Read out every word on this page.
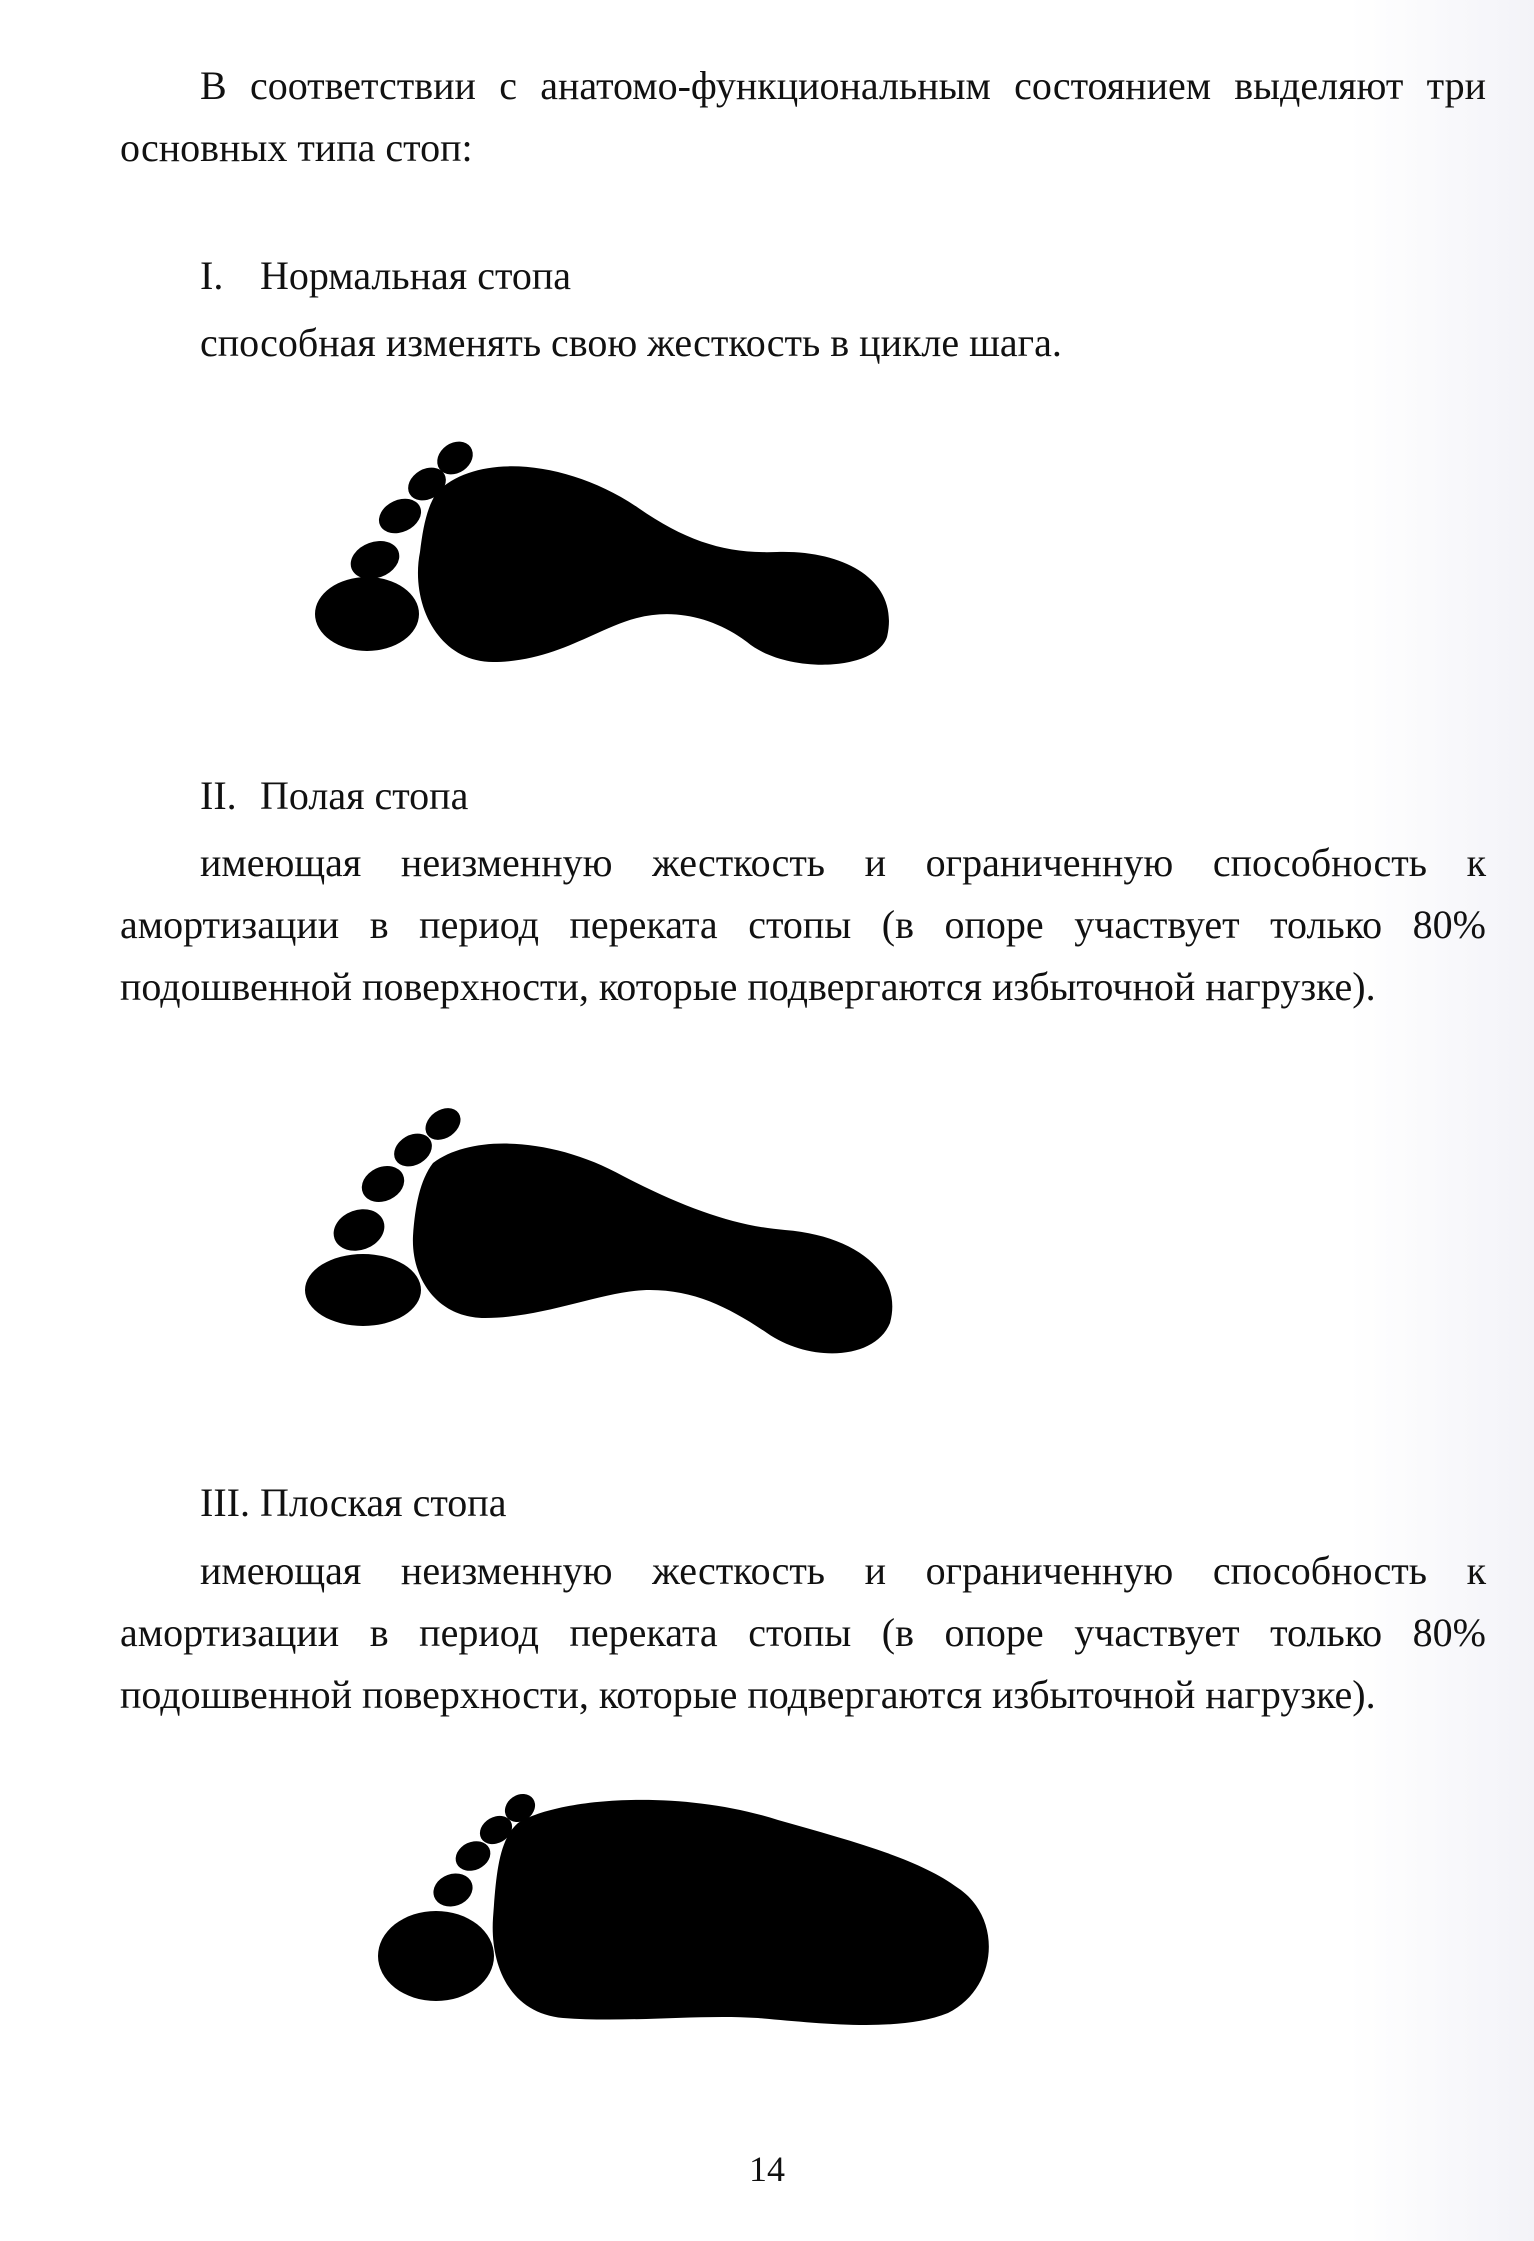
В соответствии с анатомо-функциональным состоянием выделяют три основных типа стоп:

I. Нормальная стопа

способная изменять свою жесткость в цикле шага.

II. Полая стопа

имеющая неизменную жесткость и ограниченную способность к амортизации в период переката стопы (в опоре участвует только 80% подошвенной поверхности, которые подвергаются избыточной нагрузке).

III. Плоская стопа

имеющая неизменную жесткость и ограниченную способность к амортизации в период переката стопы (в опоре участвует только 80% подошвенной поверхности, которые подвергаются избыточной нагрузке).

14
